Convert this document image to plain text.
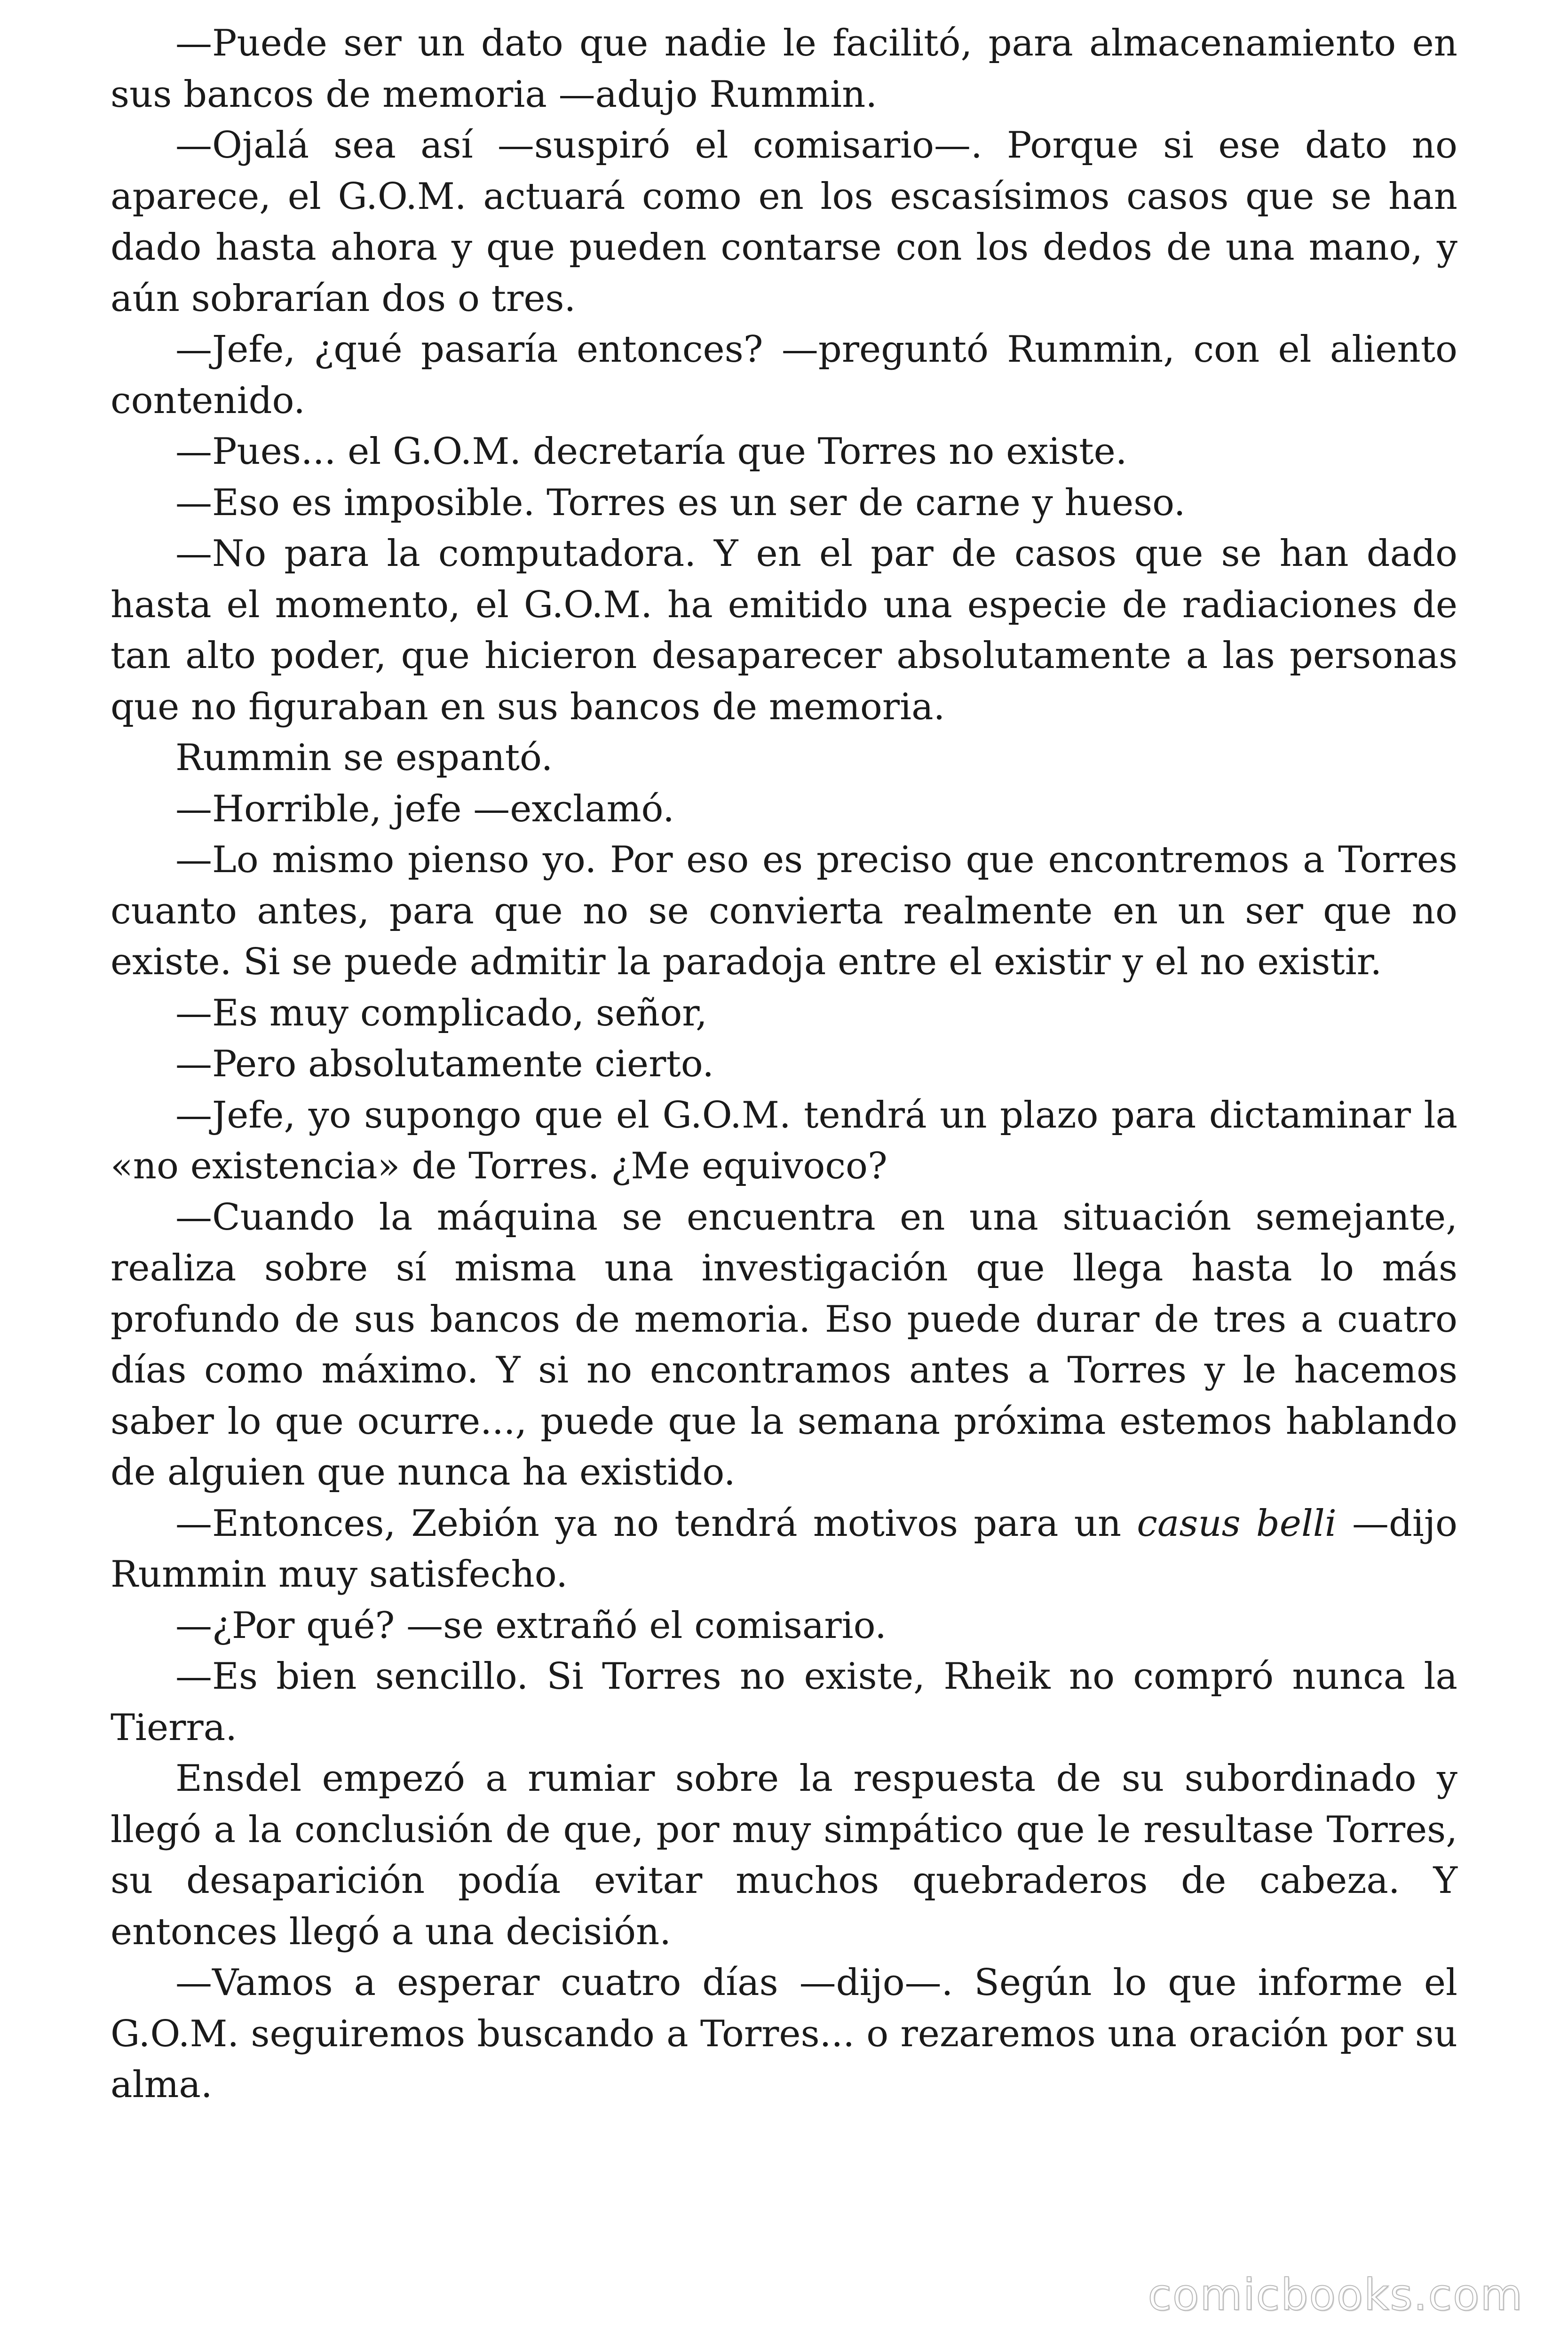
—Puede ser un dato que nadie le facilitó, para almacenamiento en sus bancos de memoria —adujo Rummin.

—Ojalá sea así —suspiró el comisario—. Porque si ese dato no aparece, el G.O.M. actuará como en los escasísimos casos que se han dado hasta ahora y que pueden contarse con los dedos de una mano, y aún sobrarían dos o tres.

—Jefe, ¿qué pasaría entonces? —preguntó Rummin, con el aliento contenido.

—Pues... el G.O.M. decretaría que Torres no existe.

—Eso es imposible. Torres es un ser de carne y hueso.

—No para la computadora. Y en el par de casos que se han dado hasta el momento, el G.O.M. ha emitido una especie de radiaciones de tan alto poder, que hicieron desaparecer absolutamente a las personas que no figuraban en sus bancos de memoria.

Rummin se espantó.

—Horrible, jefe —exclamó.

—Lo mismo pienso yo. Por eso es preciso que encontremos a Torres cuanto antes, para que no se convierta realmente en un ser que no existe. Si se puede admitir la paradoja entre el existir y el no existir.

—Es muy complicado, señor,

—Pero absolutamente cierto.

—Jefe, yo supongo que el G.O.M. tendrá un plazo para dictaminar la «no existencia» de Torres. ¿Me equivoco?

—Cuando la máquina se encuentra en una situación semejante, realiza sobre sí misma una investigación que llega hasta lo más profundo de sus bancos de memoria. Eso puede durar de tres a cuatro días como máximo. Y si no encontramos antes a Torres y le hacemos saber lo que ocurre..., puede que la semana próxima estemos hablando de alguien que nunca ha existido.

—Entonces, Zebión ya no tendrá motivos para un casus belli —dijo Rummin muy satisfecho.

—¿Por qué? —se extrañó el comisario.

—Es bien sencillo. Si Torres no existe, Rheik no compró nunca la Tierra.

Ensdel empezó a rumiar sobre la respuesta de su subordinado y llegó a la conclusión de que, por muy simpático que le resultase Torres, su desaparición podía evitar muchos quebraderos de cabeza. Y entonces llegó a una decisión.

—Vamos a esperar cuatro días —dijo—. Según lo que informe el G.O.M. seguiremos buscando a Torres... o rezaremos una oración por su alma.

comicbooks.com
